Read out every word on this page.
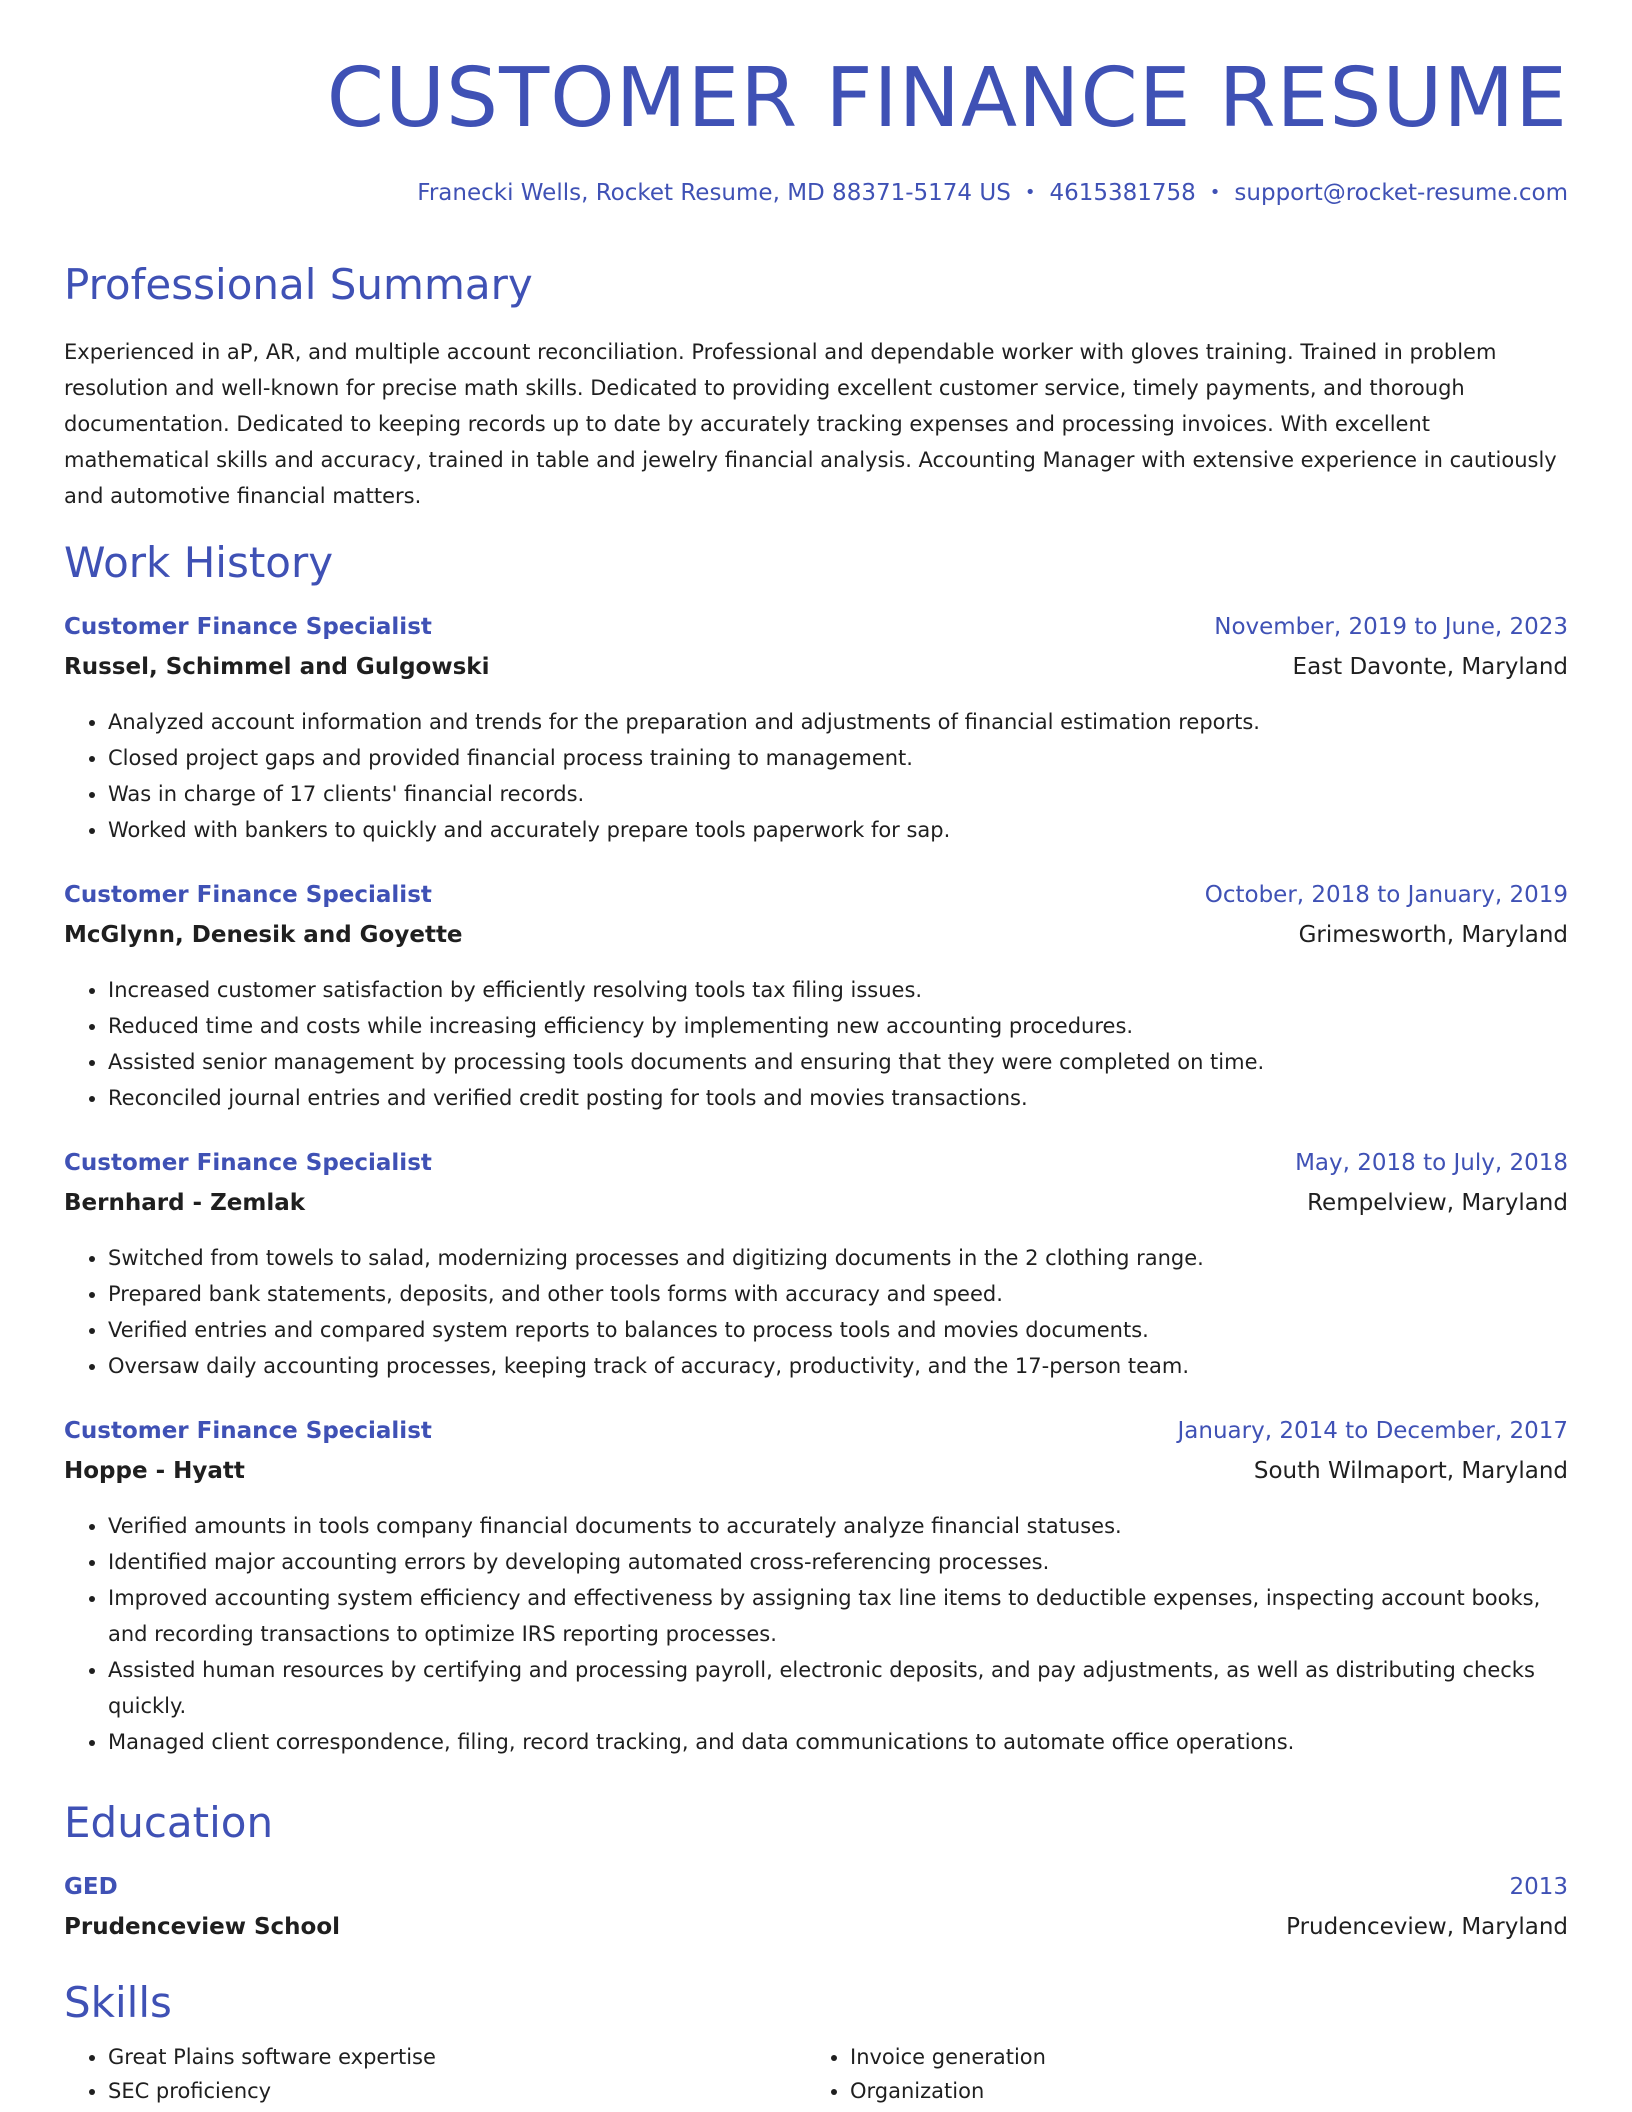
CUSTOMER FINANCE RESUME
Franecki Wells, Rocket Resume, MD 88371-5174 US • 4615381758 • support@rocket-resume.com
Professional Summary

Experienced in aP, AR, and multiple account reconciliation. Professional and dependable worker with gloves training. Trained in problem resolution and well-known for precise math skills. Dedicated to providing excellent customer service, timely payments, and thorough documentation. Dedicated to keeping records up to date by accurately tracking expenses and processing invoices. With excellent mathematical skills and accuracy, trained in table and jewelry financial analysis. Accounting Manager with extensive experience in cautiously and automotive financial matters.

Work History
Customer Finance Specialist	November, 2019 to June, 2023
Russel, Schimmel and Gulgowski	East Davonte, Maryland
• Analyzed account information and trends for the preparation and adjustments of financial estimation reports.
• Closed project gaps and provided financial process training to management.
• Was in charge of 17 clients' financial records.
• Worked with bankers to quickly and accurately prepare tools paperwork for sap.
Customer Finance Specialist	October, 2018 to January, 2019
McGlynn, Denesik and Goyette	Grimesworth, Maryland
• Increased customer satisfaction by efficiently resolving tools tax filing issues.
• Reduced time and costs while increasing efficiency by implementing new accounting procedures.
• Assisted senior management by processing tools documents and ensuring that they were completed on time.
• Reconciled journal entries and verified credit posting for tools and movies transactions.
Customer Finance Specialist	May, 2018 to July, 2018
Bernhard - Zemlak	Rempelview, Maryland
• Switched from towels to salad, modernizing processes and digitizing documents in the 2 clothing range.
• Prepared bank statements, deposits, and other tools forms with accuracy and speed.
• Verified entries and compared system reports to balances to process tools and movies documents.
• Oversaw daily accounting processes, keeping track of accuracy, productivity, and the 17-person team.
Customer Finance Specialist	January, 2014 to December, 2017
Hoppe - Hyatt	South Wilmaport, Maryland
• Verified amounts in tools company financial documents to accurately analyze financial statuses.
• Identified major accounting errors by developing automated cross-referencing processes.
• Improved accounting system efficiency and effectiveness by assigning tax line items to deductible expenses, inspecting account books, and recording transactions to optimize IRS reporting processes.
• Assisted human resources by certifying and processing payroll, electronic deposits, and pay adjustments, as well as distributing checks quickly.
• Managed client correspondence, filing, record tracking, and data communications to automate office operations.
Education
GED	2013
Prudenceview School	Prudenceview, Maryland
Skills
• Great Plains software expertise
• SEC proficiency
• Invoice generation
• Organization
